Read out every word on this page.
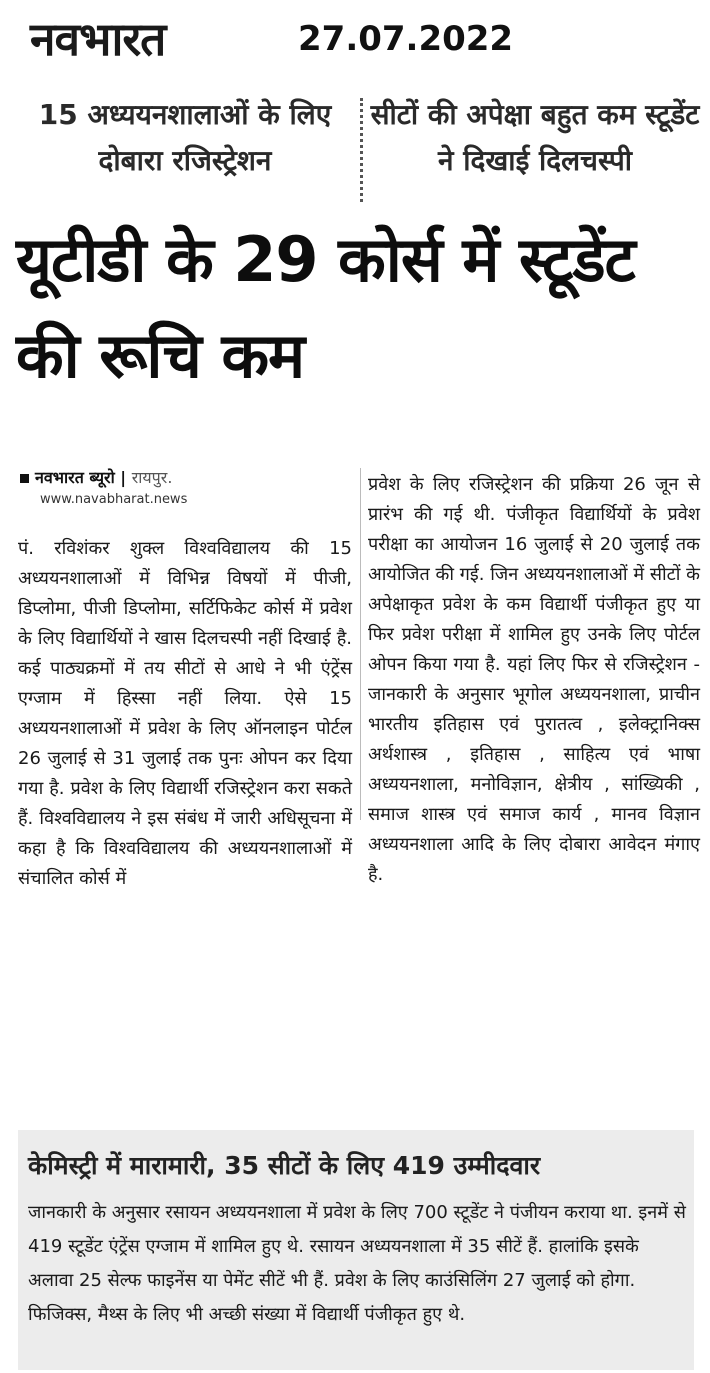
नवभारत	27.07.2022
15 अध्ययनशालाओं के लिए दोबारा रजिस्ट्रेशन
सीटों की अपेक्षा बहुत कम स्टूडेंट ने दिखाई दिलचस्पी
यूटीडी के 29 कोर्स में स्टूडेंट की रूचि कम
नवभारत ब्यूरो | रायपुर.
www.navabharat.news

पं. रविशंकर शुक्ल विश्वविद्यालय की 15 अध्ययनशालाओं में विभिन्न विषयों में पीजी, डिप्लोमा, पीजी डिप्लोमा, सर्टिफिकेट कोर्स में प्रवेश के लिए विद्यार्थियों ने खास दिलचस्पी नहीं दिखाई है. कई पाठ्यक्रमों में तय सीटों से आधे ने भी एंट्रेंस एग्जाम में हिस्सा नहीं लिया. ऐसे 15 अध्ययनशालाओं में प्रवेश के लिए ऑनलाइन पोर्टल 26 जुलाई से 31 जुलाई तक पुनः ओपन कर दिया गया है. प्रवेश के लिए विद्यार्थी रजिस्ट्रेशन करा सकते हैं. विश्वविद्यालय ने इस संबंध में जारी अधिसूचना में कहा है कि विश्वविद्यालय की अध्ययनशालाओं में संचालित कोर्स में

प्रवेश के लिए रजिस्ट्रेशन की प्रक्रिया 26 जून से प्रारंभ की गई थी. पंजीकृत विद्यार्थियों के प्रवेश परीक्षा का आयोजन 16 जुलाई से 20 जुलाई तक आयोजित की गई. जिन अध्ययनशालाओं में सीटों के अपेक्षाकृत प्रवेश के कम विद्यार्थी पंजीकृत हुए या फिर प्रवेश परीक्षा में शामिल हुए उनके लिए पोर्टल ओपन किया गया है. यहां लिए फिर से रजिस्ट्रेशन - जानकारी के अनुसार भूगोल अध्ययनशाला, प्राचीन भारतीय इतिहास एवं पुरातत्व , इलेक्ट्रानिक्स अर्थशास्त्र , इतिहास , साहित्य एवं भाषा अध्ययनशाला, मनोविज्ञान, क्षेत्रीय , सांख्यिकी , समाज शास्त्र एवं समाज कार्य , मानव विज्ञान अध्ययनशाला आदि के लिए दोबारा आवेदन मंगाए है.

केमिस्ट्री में मारामारी, 35 सीटों के लिए 419 उम्मीदवार

जानकारी के अनुसार रसायन अध्ययनशाला में प्रवेश के लिए 700 स्टूडेंट ने पंजीयन कराया था. इनमें से 419 स्टूडेंट एंट्रेंस एग्जाम में शामिल हुए थे. रसायन अध्ययनशाला में 35 सीटें हैं. हालांकि इसके अलावा 25 सेल्फ फाइनेंस या पेमेंट सीटें भी हैं. प्रवेश के लिए काउंसिलिंग 27 जुलाई को होगा. फिजिक्स, मैथ्स के लिए भी अच्छी संख्या में विद्यार्थी पंजीकृत हुए थे.
